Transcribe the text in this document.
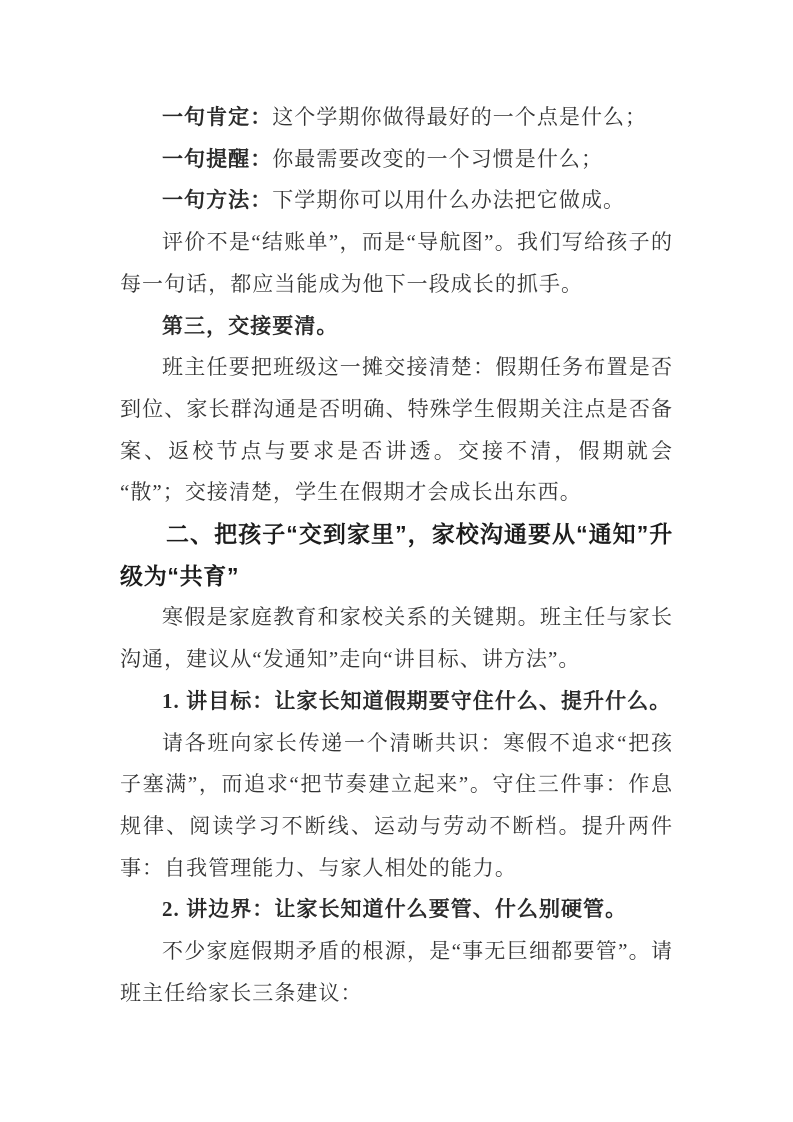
一句肯定：这个学期你做得最好的一个点是什么；

一句提醒：你最需要改变的一个习惯是什么；

一句方法：下学期你可以用什么办法把它做成。

评价不是“结账单”，而是“导航图”。我们写给孩子的每一句话，都应当能成为他下一段成长的抓手。

第三，交接要清。

班主任要把班级这一摊交接清楚：假期任务布置是否到位、家长群沟通是否明确、特殊学生假期关注点是否备案、返校节点与要求是否讲透。交接不清，假期就会“散”；交接清楚，学生在假期才会成长出东西。

二、把孩子“交到家里”，家校沟通要从“通知”升级为“共育”

寒假是家庭教育和家校关系的关键期。班主任与家长沟通，建议从“发通知”走向“讲目标、讲方法”。

1. 讲目标：让家长知道假期要守住什么、提升什么。

请各班向家长传递一个清晰共识：寒假不追求“把孩子塞满”，而追求“把节奏建立起来”。守住三件事：作息规律、阅读学习不断线、运动与劳动不断档。提升两件事：自我管理能力、与家人相处的能力。

2. 讲边界：让家长知道什么要管、什么别硬管。

不少家庭假期矛盾的根源，是“事无巨细都要管”。请班主任给家长三条建议：
